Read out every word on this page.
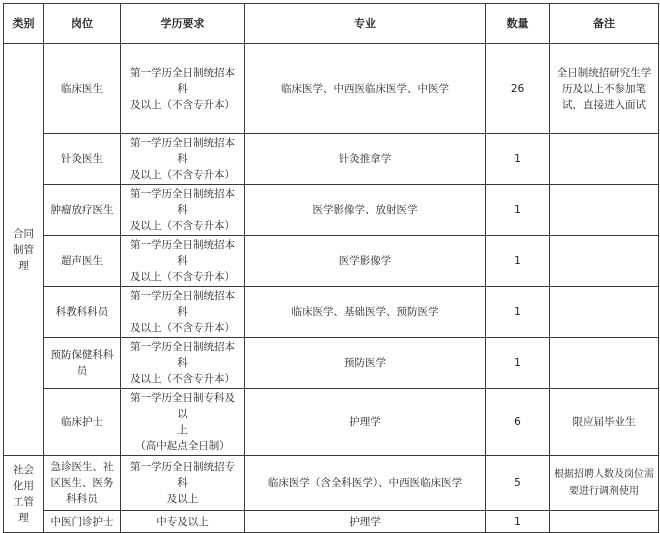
类别	岗位	学历要求	专业	数量	备注
合同制管理	临床医生	第一学历全日制统招本科
及以上（不含专升本）	临床医学、中西医临床医学、中医学	26	全日制统招研究生学历及以上不参加笔试，直接进入面试
	针灸医生	第一学历全日制统招本科
及以上（不含专升本）	针灸推拿学	1	
	肿瘤放疗医生	第一学历全日制统招本科
及以上（不含专升本）	医学影像学、放射医学	1	
	超声医生	第一学历全日制统招本科
及以上（不含专升本）	医学影像学	1	
	科教科科员	第一学历全日制统招本科
及以上（不含专升本）	临床医学、基础医学、预防医学	1	
	预防保健科科员	第一学历全日制统招本科
及以上（不含专升本）	预防医学	1	
	临床护士	第一学历全日制专科及以
上
（高中起点全日制）	护理学	6	限应届毕业生
社会化用工管理	急诊医生、社区医生、医务科科员	第一学历全日制统招专科
及以上	临床医学（含全科医学）、中西医临床医学	5	根据招聘人数及岗位需要进行调剂使用
	中医门诊护士	中专及以上	护理学	1	
